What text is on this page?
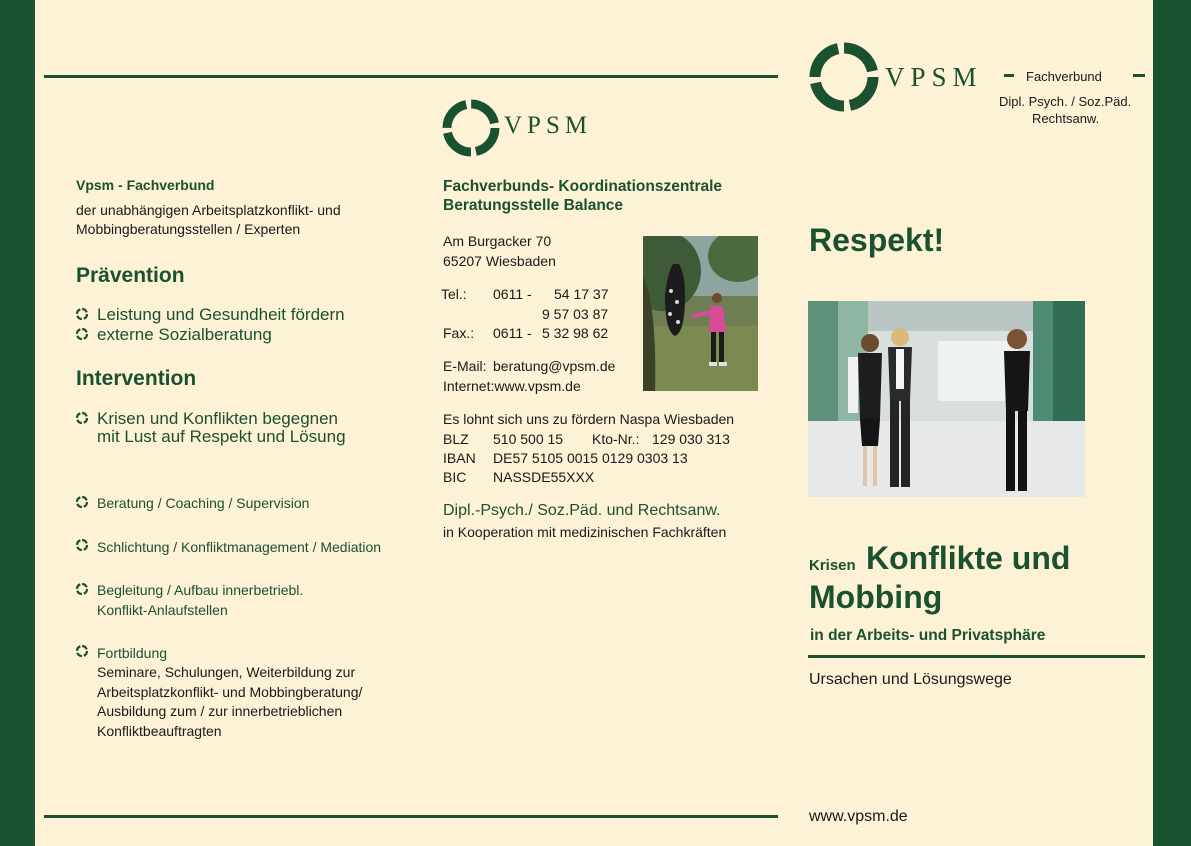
Vpsm - Fachverbund
der unabhängigen Arbeitsplatzkonflikt- und
Mobbingberatungsstellen / Experten
Prävention
Leistung und Gesundheit fördern
externe Sozialberatung
Intervention
Krisen und Konflikten begegnen
mit Lust auf Respekt und Lösung
Beratung / Coaching / Supervision
Schlichtung / Konfliktmanagement / Mediation
Begleitung / Aufbau innerbetriebl.
Konflikt-Anlaufstellen
Fortbildung
Seminare, Schulungen, Weiterbildung zur
Arbeitsplatzkonflikt- und Mobbingberatung/
Ausbildung zum / zur innerbetrieblichen
Konfliktbeauftragten
VPSM
Fachverbunds- Koordinationszentrale
Beratungsstelle Balance
Am Burgacker 70
65207 Wiesbaden
Tel.: 0611 - 54 17 37
9 57 03 87
Fax.: 0611 - 5 32 98 62
E-Mail: beratung@vpsm.de
Internet:www.vpsm.de
Es lohnt sich uns zu fördern Naspa Wiesbaden
BLZ 510 500 15 Kto-Nr.: 129 030 313
IBAN DE57 5105 0015 0129 0303 13
BIC NASSDE55XXX
Dipl.-Psych./ Soz.Päd. und Rechtsanw.
in Kooperation mit medizinischen Fachkräften
VPSM	Fachverbund
Dipl. Psych. / Soz.Päd.
Rechtsanw.
Respekt!
Krisen Konflikte und
Mobbing
in der Arbeits- und Privatsphäre
Ursachen und Lösungswege
www.vpsm.de
